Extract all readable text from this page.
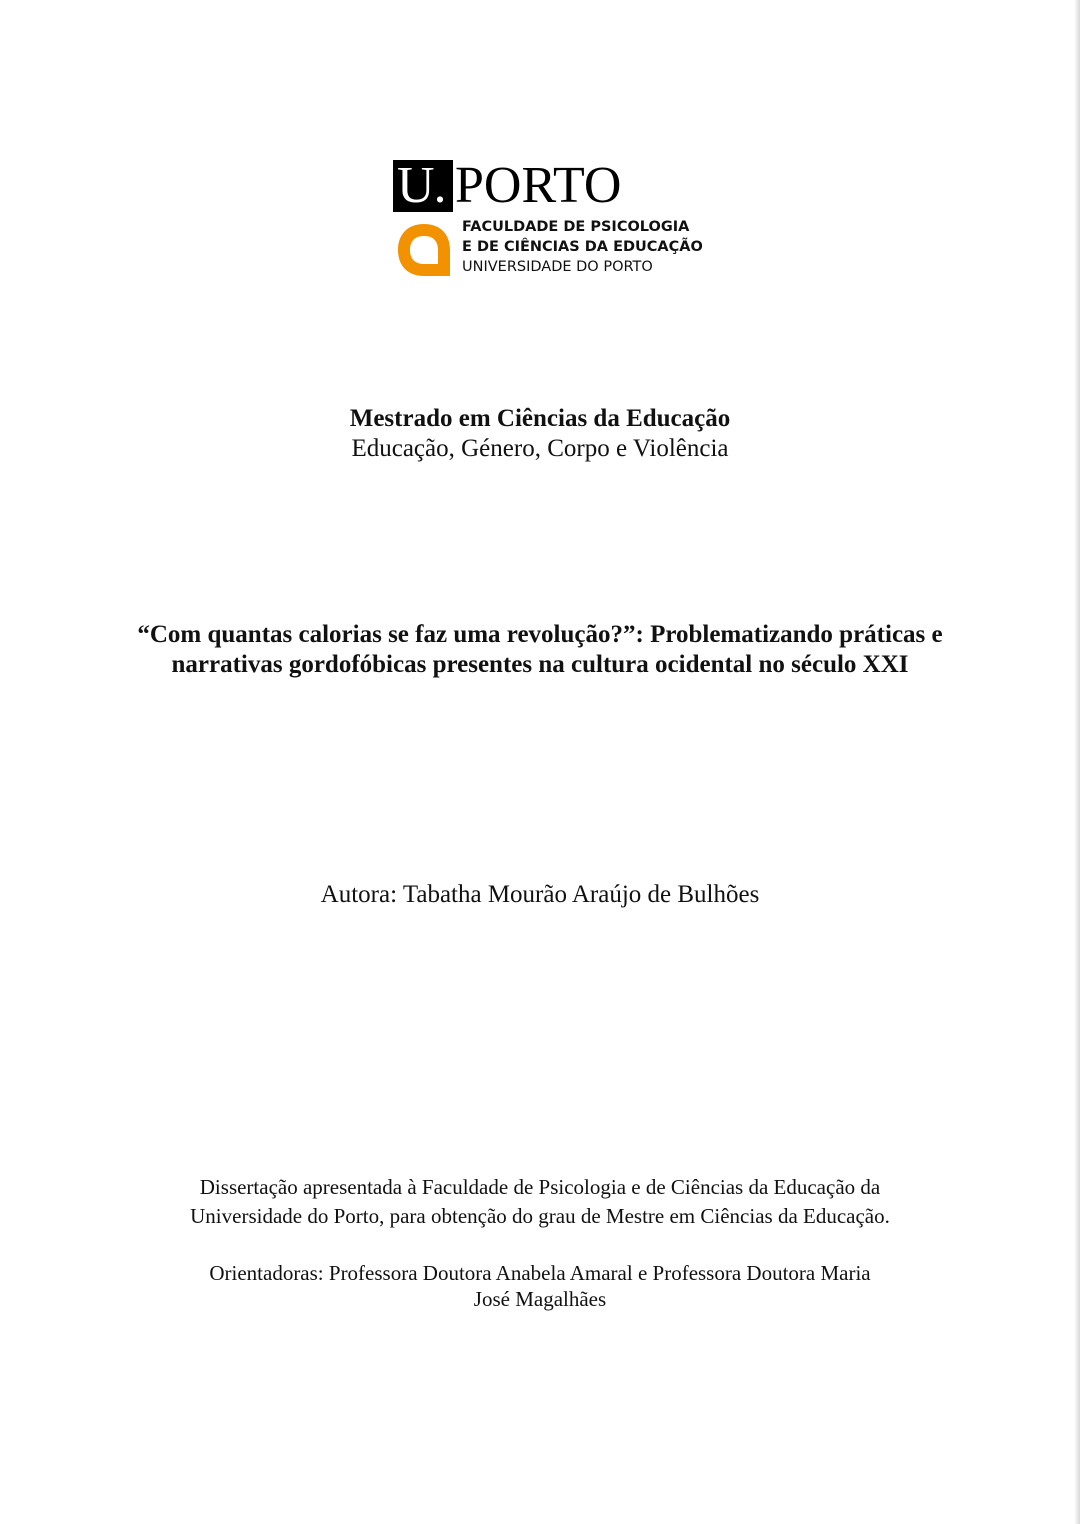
U. PORTO
FACULDADE DE PSICOLOGIA
E DE CIÊNCIAS DA EDUCAÇÃO
UNIVERSIDADE DO PORTO
Mestrado em Ciências da Educação
Educação, Género, Corpo e Violência
“Com quantas calorias se faz uma revolução?”: Problematizando práticas e
narrativas gordofóbicas presentes na cultura ocidental no século XXI
Autora: Tabatha Mourão Araújo de Bulhões
Dissertação apresentada à Faculdade de Psicologia e de Ciências da Educação da
Universidade do Porto, para obtenção do grau de Mestre em Ciências da Educação.
Orientadoras: Professora Doutora Anabela Amaral e Professora Doutora Maria
José Magalhães
